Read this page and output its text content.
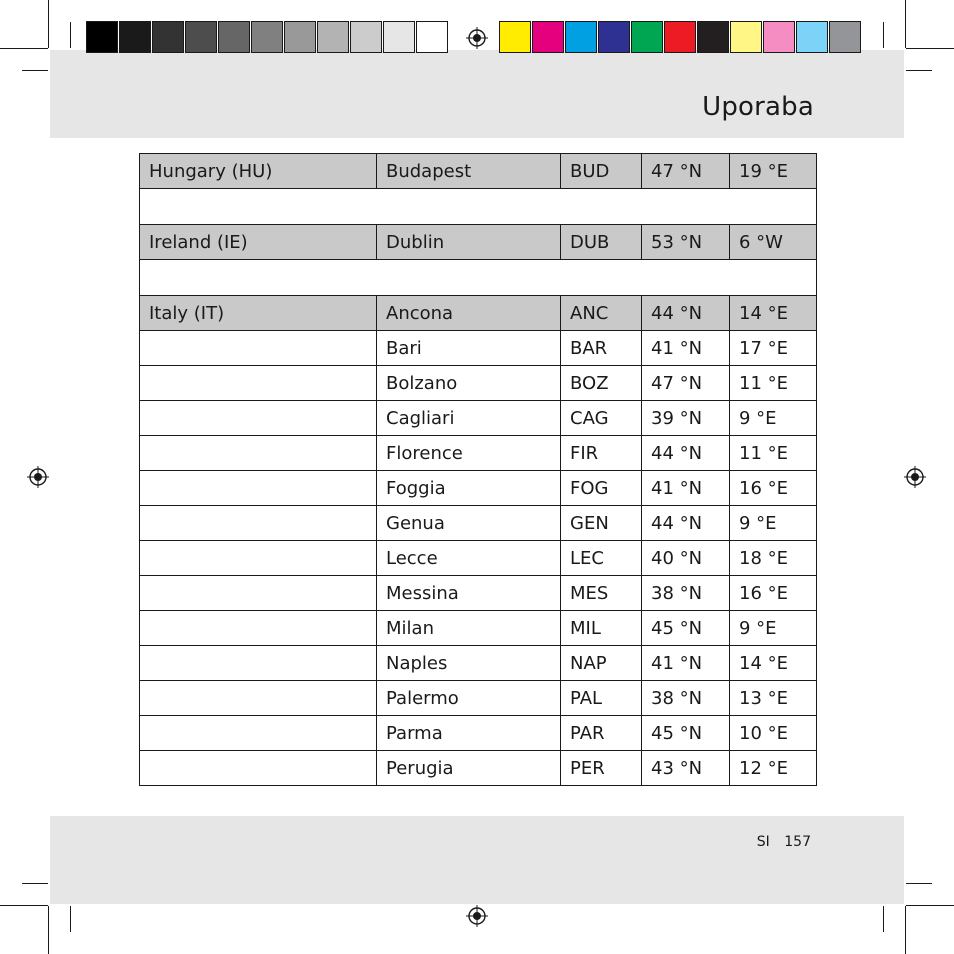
Uporaba
Hungary (HU)	Budapest	BUD	47 °N	19 °E

Ireland (IE)	Dublin	DUB	53 °N	6 °W

Italy (IT)	Ancona	ANC	44 °N	14 °E
	Bari	BAR	41 °N	17 °E
	Bolzano	BOZ	47 °N	11 °E
	Cagliari	CAG	39 °N	9 °E
	Florence	FIR	44 °N	11 °E
	Foggia	FOG	41 °N	16 °E
	Genua	GEN	44 °N	9 °E
	Lecce	LEC	40 °N	18 °E
	Messina	MES	38 °N	16 °E
	Milan	MIL	45 °N	9 °E
	Naples	NAP	41 °N	14 °E
	Palermo	PAL	38 °N	13 °E
	Parma	PAR	45 °N	10 °E
	Perugia	PER	43 °N	12 °E
SI 157
